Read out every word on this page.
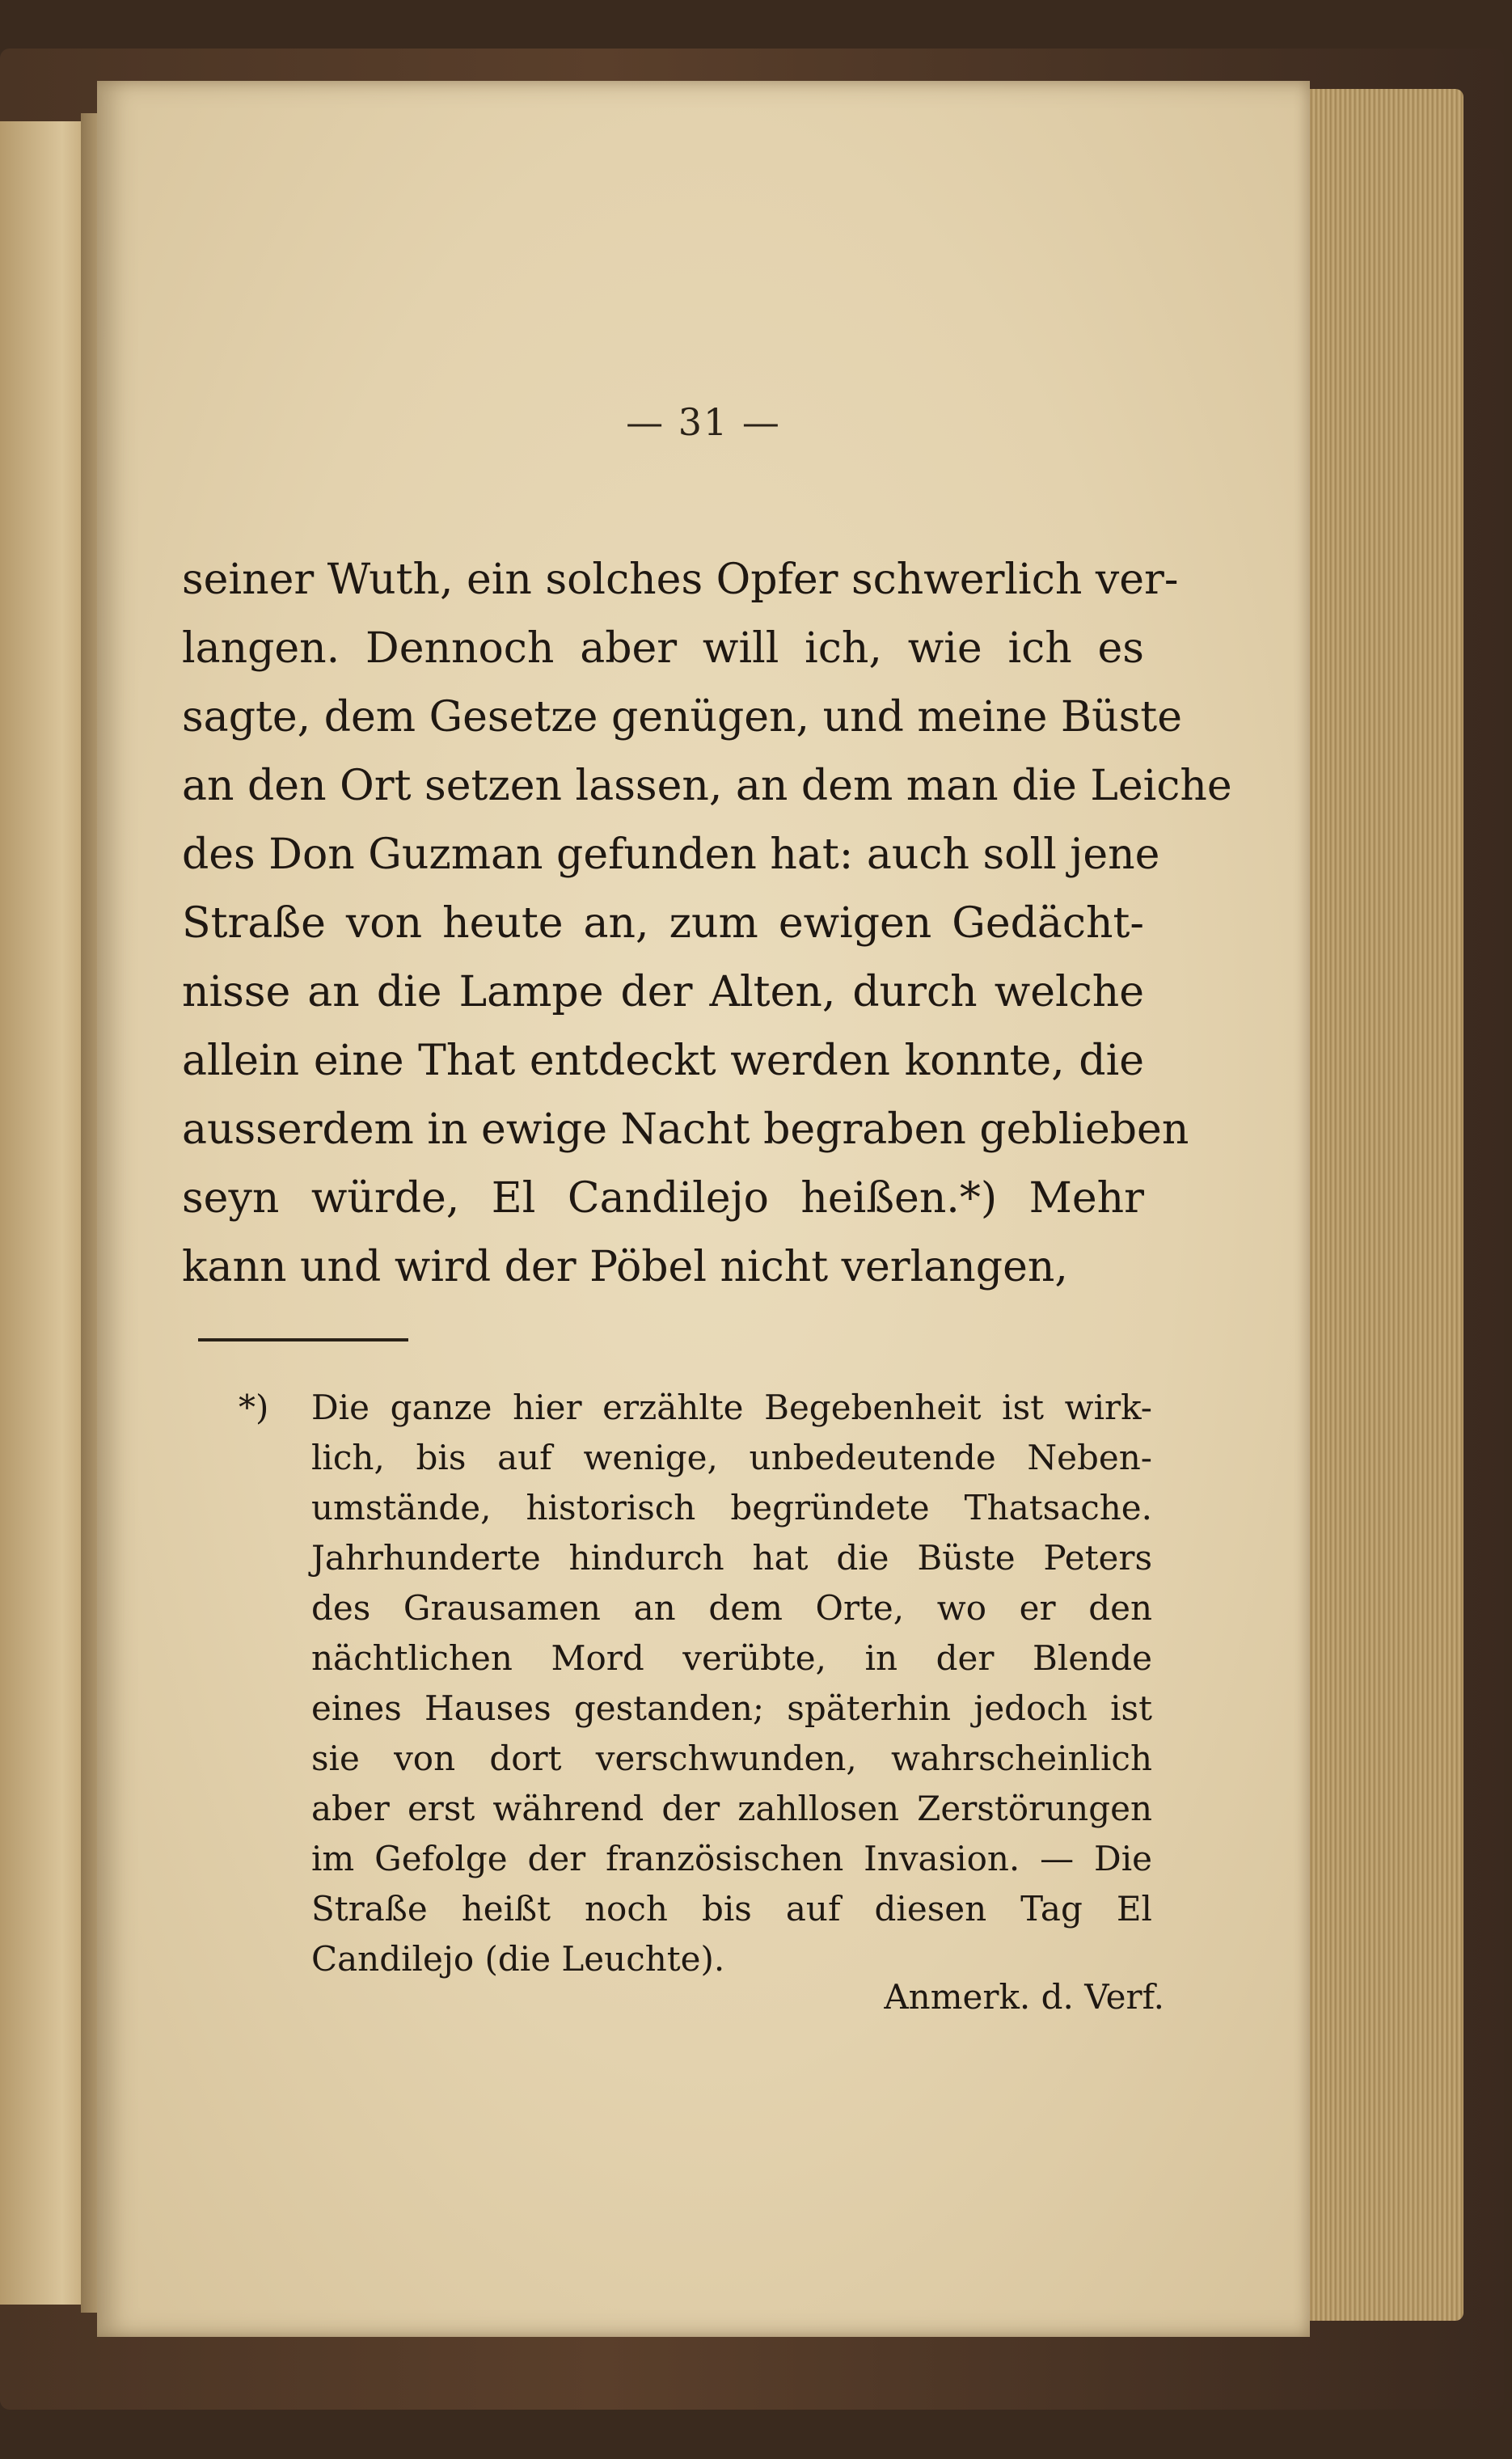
— 31 —
seiner Wuth, ein solches Opfer schwerlich ver-
langen. Dennoch aber will ich, wie ich es
sagte, dem Gesetze genügen, und meine Büste
an den Ort setzen lassen, an dem man die Leiche
des Don Guzman gefunden hat: auch soll jene
Straße von heute an, zum ewigen Gedächt-
nisse an die Lampe der Alten, durch welche
allein eine That entdeckt werden konnte, die
ausserdem in ewige Nacht begraben geblieben
seyn würde, El Candilejo heißen.*) Mehr
kann und wird der Pöbel nicht verlangen,
*) Die ganze hier erzählte Begebenheit ist wirk-
lich, bis auf wenige, unbedeutende Neben-
umstände, historisch begründete Thatsache.
Jahrhunderte hindurch hat die Büste Peters
des Grausamen an dem Orte, wo er den
nächtlichen Mord verübte, in der Blende
eines Hauses gestanden; späterhin jedoch ist
sie von dort verschwunden, wahrscheinlich
aber erst während der zahllosen Zerstörungen
im Gefolge der französischen Invasion. — Die
Straße heißt noch bis auf diesen Tag El
Candilejo (die Leuchte).
Anmerk. d. Verf.
